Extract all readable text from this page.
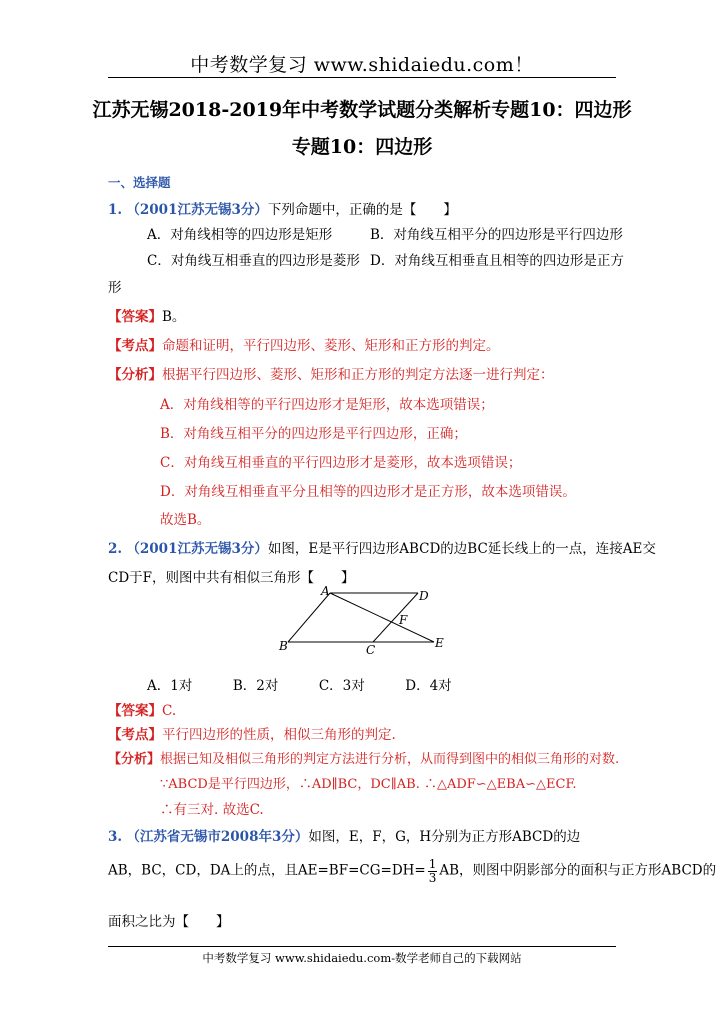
中考数学复习 www.shidaiedu.com！
江苏无锡2018-2019年中考数学试题分类解析专题10：四边形
专题10：四边形
一、选择题
1. （2001江苏无锡3分）下列命题中，正确的是【　　】
A．对角线相等的四边形是矩形	B．对角线互相平分的四边形是平行四边形
C．对角线互相垂直的四边形是菱形 D．对角线互相垂直且相等的四边形是正方
形
【答案】B。
【考点】命题和证明，平行四边形、菱形、矩形和正方形的判定。
【分析】根据平行四边形、菱形、矩形和正方形的判定方法逐一进行判定：
A．对角线相等的平行四边形才是矩形，故本选项错误；
B．对角线互相平分的四边形是平行四边形，正确；
C．对角线互相垂直的平行四边形才是菱形，故本选项错误；
D．对角线互相垂直平分且相等的四边形才是正方形，故本选项错误。
故选B。
2. （2001江苏无锡3分）如图，E是平行四边形ABCD的边BC延长线上的一点，连接AE交
CD于F，则图中共有相似三角形【　　】
A	D
F
B	C	E
A．1对　　　B．2对　　　C．3对　　　D．4对
【答案】C.
【考点】平行四边形的性质，相似三角形的判定.
【分析】根据已知及相似三角形的判定方法进行分析，从而得到图中的相似三角形的对数.
∵ABCD是平行四边形，∴AD∥BC，DC∥AB. ∴△ADF∽△EBA∽△ECF.
∴有三对. 故选C.
3. （江苏省无锡市2008年3分）如图，E，F，G，H分别为正方形ABCD的边
AB，BC，CD，DA上的点，且$AE=BF=CG=DH= \frac{1}{3}$ AB，则图中阴影部分的面积与正方形ABCD的
面积之比为【　　】
中考数学复习 www.shidaiedu.com-数学老师自己的下载网站
